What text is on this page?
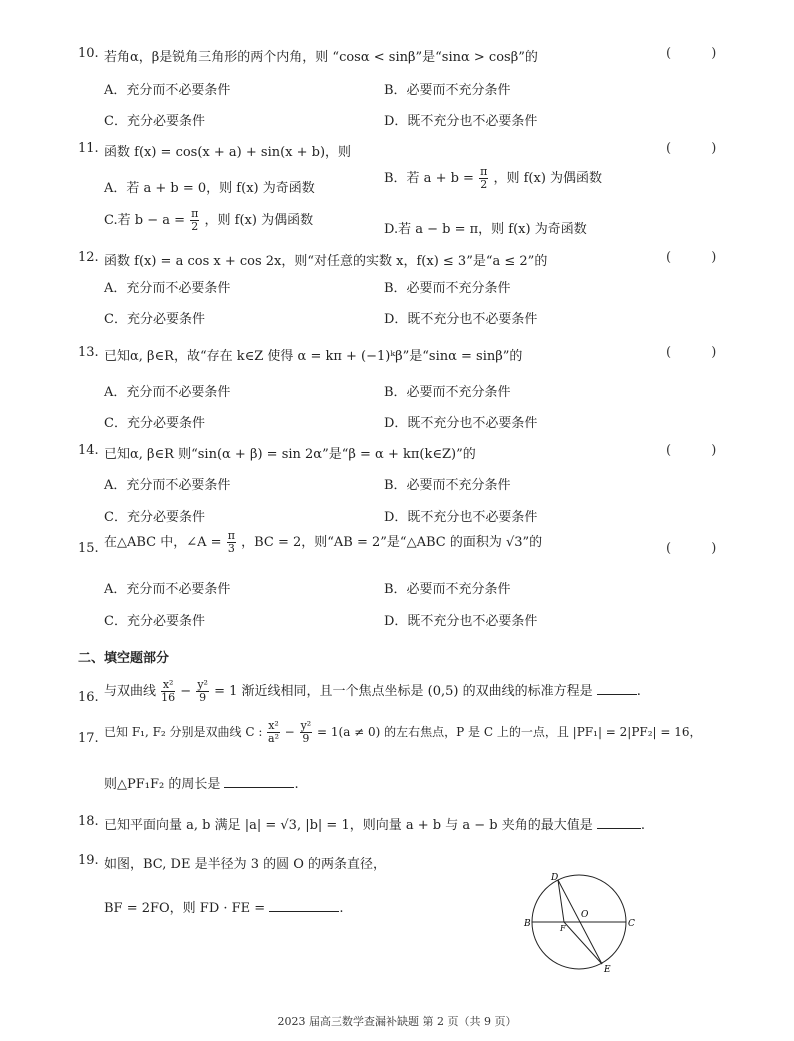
10. 若角α，β是锐角三角形的两个内角，则 “cosα < sinβ”是“sinα > cosβ”的	( )
A．充分而不必要条件	B．必要而不充分条件
C．充分必要条件	D．既不充分也不必要条件
11. 函数 f(x) = cos(x + a) + sin(x + b)，则	( )
A．若 a + b = 0，则 f(x) 为奇函数
B．若 $a + b = \frac{\pi}{2}$ ，则 f(x) 为偶函数
C.若 $b - a = \frac{\pi}{2}$ ，则 f(x) 为偶函数
D.若 a − b = π，则 f(x) 为奇函数
12. 函数 f(x) = a cos x + cos 2x，则“对任意的实数 x，f(x) ≤ 3”是“a ≤ 2”的	( )
A．充分而不必要条件	B．必要而不充分条件
C．充分必要条件	D．既不充分也不必要条件
13. 已知α, β∈R，故“存在 k∈Z 使得 α = kπ + (−1)ᵏβ”是“sinα = sinβ”的	( )
A．充分而不必要条件	B．必要而不充分条件
C．充分必要条件	D．既不充分也不必要条件
14. 已知α, β∈R 则“sin(α + β) = sin 2α”是“β = α + kπ(k∈Z)”的	( )
A．充分而不必要条件	B．必要而不充分条件
C．充分必要条件	D．既不充分也不必要条件
15. 在△ABC 中，∠A = $\frac{\pi}{3}$ ，BC = 2，则“AB = 2”是“△ABC 的面积为 √3”的	( )
A．充分而不必要条件	B．必要而不充分条件
C．充分必要条件	D．既不充分也不必要条件
二、填空题部分
16. 与双曲线 $\frac{\text{x²}}{16} - \frac{\text{y²}}{9} = 1$ 渐近线相同，且一个焦点坐标是 (0,5) 的双曲线的标准方程是	.
17. 已知 F₁, F₂ 分别是双曲线 C : $\frac{\text{x²}}{\text{a²}} - \frac{\text{y²}}{9} = 1(a \ne 0)$ 的左右焦点，P 是 C 上的一点，且 |PF₁| = 2|PF₂| = 16，
则△PF₁F₂ 的周长是	.
18. 已知平面向量 a, b 满足 |a| = √3, |b| = 1，则向量 a + b 与 a − b 夹角的最大值是	.
19. 如图，BC, DE 是半径为 3 的圆 O 的两条直径，
BF = 2FO，则 FD · FE =	.
D
B	F
O
C
E
2023 届高三数学查漏补缺题 第 2 页（共 9 页）
